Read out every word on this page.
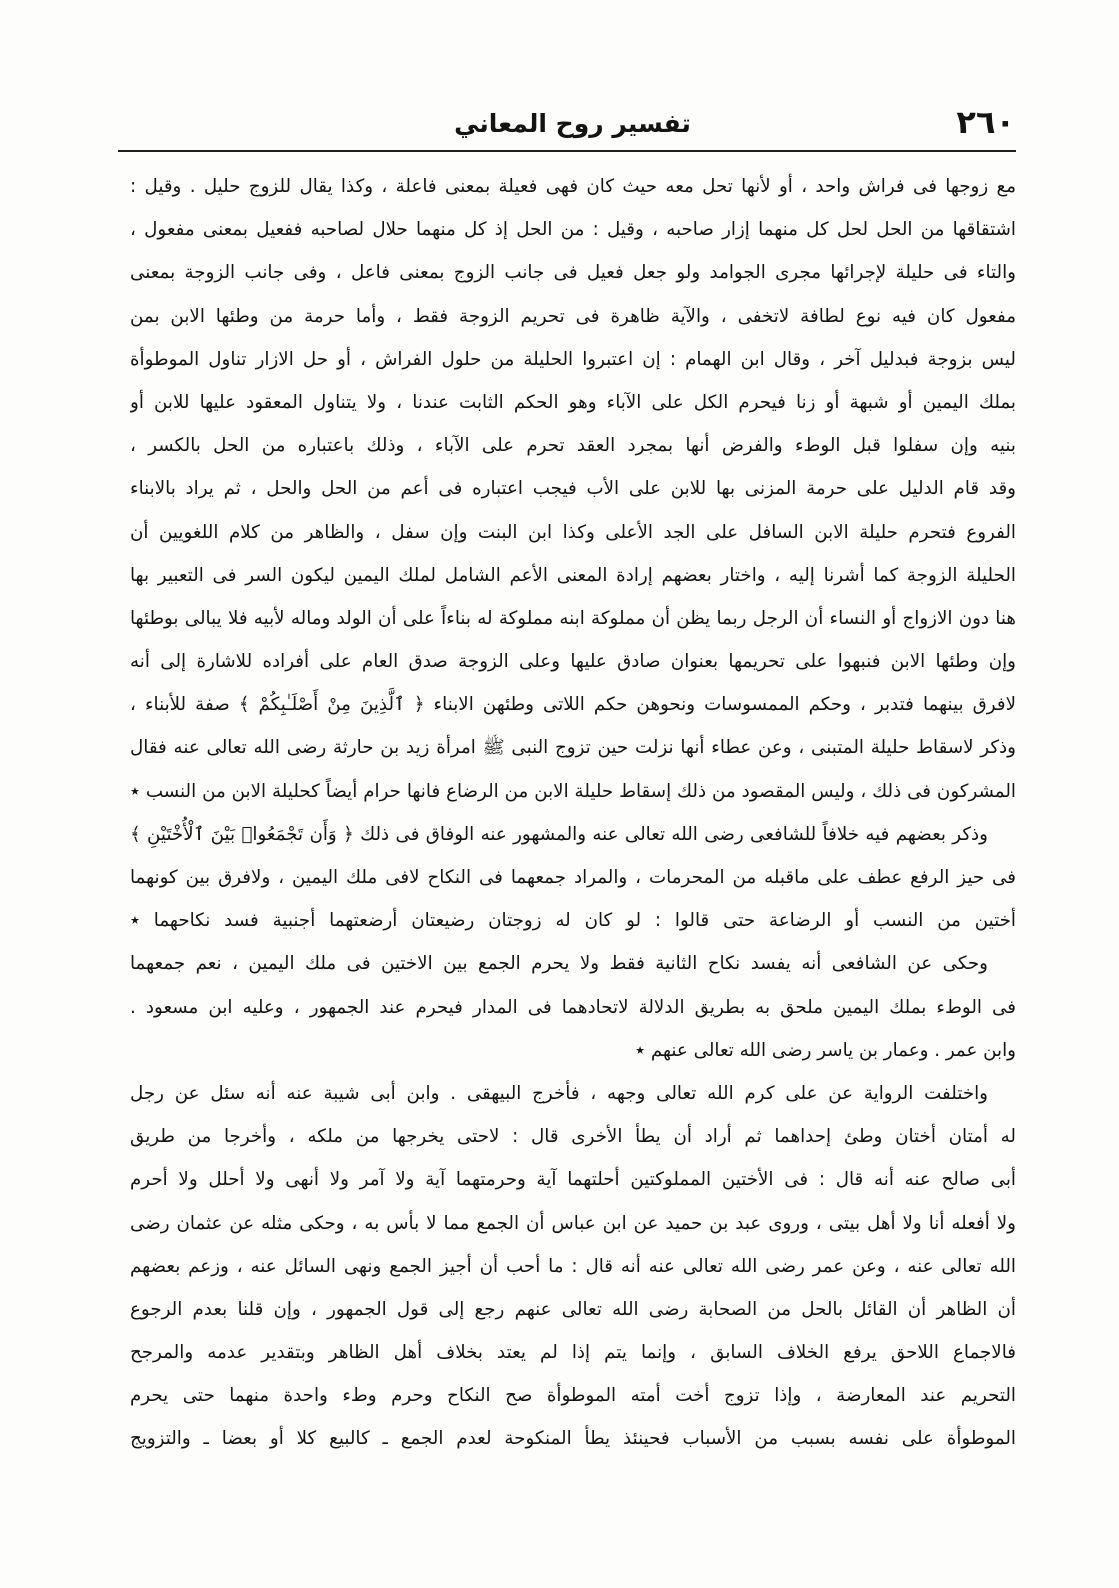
٢٦٠
تفسير روح المعاني
مع زوجها فى فراش واحد ، أو لأنها تحل معه حيث كان فهى فعيلة بمعنى فاعلة ، وكذا يقال للزوج حليل . وقيل :
اشتقاقها من الحل لحل كل منهما إزار صاحبه ، وقيل : من الحل إذ كل منهما حلال لصاحبه ففعيل بمعنى مفعول ،
والتاء فى حليلة لإجرائها مجرى الجوامد ولو جعل فعيل فى جانب الزوج بمعنى فاعل ، وفى جانب الزوجة بمعنى
مفعول كان فيه نوع لطافة لاتخفى ، والآية ظاهرة فى تحريم الزوجة فقط ، وأما حرمة من وطئها الابن بمن
ليس بزوجة فبدليل آخر ، وقال ابن الهمام : إن اعتبروا الحليلة من حلول الفراش ، أو حل الازار تناول الموطوأة
بملك اليمين أو شبهة أو زنا فيحرم الكل على الآباء وهو الحكم الثابت عندنا ، ولا يتناول المعقود عليها للابن أو
بنيه وإن سفلوا قبل الوطء والفرض أنها بمجرد العقد تحرم على الآباء ، وذلك باعتباره من الحل بالكسر ،
وقد قام الدليل على حرمة المزنى بها للابن على الأب فيجب اعتباره فى أعم من الحل والحل ، ثم يراد بالابناء
الفروع فتحرم حليلة الابن السافل على الجد الأعلى وكذا ابن البنت وإن سفل ، والظاهر من كلام اللغويين أن
الحليلة الزوجة كما أشرنا إليه ، واختار بعضهم إرادة المعنى الأعم الشامل لملك اليمين ليكون السر فى التعبير بها
هنا دون الازواج أو النساء أن الرجل ربما يظن أن مملوكة ابنه مملوكة له بناءاً على أن الولد وماله لأبيه فلا يبالى بوطئها
وإن وطئها الابن فنبهوا على تحريمها بعنوان صادق عليها وعلى الزوجة صدق العام على أفراده للاشارة إلى أنه
لافرق بينهما فتدبر ، وحكم الممسوسات ونحوهن حكم اللاتى وطئهن الابناء ﴿ ٱلَّذِينَ مِنْ أَصْلَـٰبِكُمْ ﴾ صفة للأبناء ،
وذكر لاسقاط حليلة المتبنى ، وعن عطاء أنها نزلت حين تزوج النبى ﷺ امرأة زيد بن حارثة رضى الله تعالى عنه فقال
المشركون فى ذلك ، وليس المقصود من ذلك إسقاط حليلة الابن من الرضاع فانها حرام أيضاً كحليلة الابن من النسب ٭
وذكر بعضهم فيه خلافاً للشافعى رضى الله تعالى عنه والمشهور عنه الوفاق فى ذلك ﴿ وَأَن تَجْمَعُوا۟ بَيْنَ ٱلْأُخْتَيْنِ ﴾
فى حيز الرفع عطف على ماقبله من المحرمات ، والمراد جمعهما فى النكاح لافى ملك اليمين ، ولافرق بين كونهما
أختين من النسب أو الرضاعة حتى قالوا : لو كان له زوجتان رضيعتان أرضعتهما أجنبية فسد نكاحهما ٭
وحكى عن الشافعى أنه يفسد نكاح الثانية فقط ولا يحرم الجمع بين الاختين فى ملك اليمين ، نعم جمعهما
فى الوطء بملك اليمين ملحق به بطريق الدلالة لاتحادهما فى المدار فيحرم عند الجمهور ، وعليه ابن مسعود .
وابن عمر . وعمار بن ياسر رضى الله تعالى عنهم ٭
واختلفت الرواية عن على كرم الله تعالى وجهه ، فأخرج البيهقى . وابن أبى شيبة عنه أنه سئل عن رجل
له أمتان أختان وطئ إحداهما ثم أراد أن يطأ الأخرى قال : لاحتى يخرجها من ملكه ، وأخرجا من طريق
أبى صالح عنه أنه قال : فى الأختين المملوكتين أحلتهما آية وحرمتهما آية ولا آمر ولا أنهى ولا أحلل ولا أحرم
ولا أفعله أنا ولا أهل بيتى ، وروى عبد بن حميد عن ابن عباس أن الجمع مما لا بأس به ، وحكى مثله عن عثمان رضى
الله تعالى عنه ، وعن عمر رضى الله تعالى عنه أنه قال : ما أحب أن أجيز الجمع ونهى السائل عنه ، وزعم بعضهم
أن الظاهر أن القائل بالحل من الصحابة رضى الله تعالى عنهم رجع إلى قول الجمهور ، وإن قلنا بعدم الرجوع
فالاجماع اللاحق يرفع الخلاف السابق ، وإنما يتم إذا لم يعتد بخلاف أهل الظاهر وبتقدير عدمه والمرجح
التحريم عند المعارضة ، وإذا تزوج أخت أمته الموطوأة صح النكاح وحرم وطء واحدة منهما حتى يحرم
الموطوأة على نفسه بسبب من الأسباب فحينئذ يطأ المنكوحة لعدم الجمع ـ كالبيع كلا أو بعضا ـ والتزويج
